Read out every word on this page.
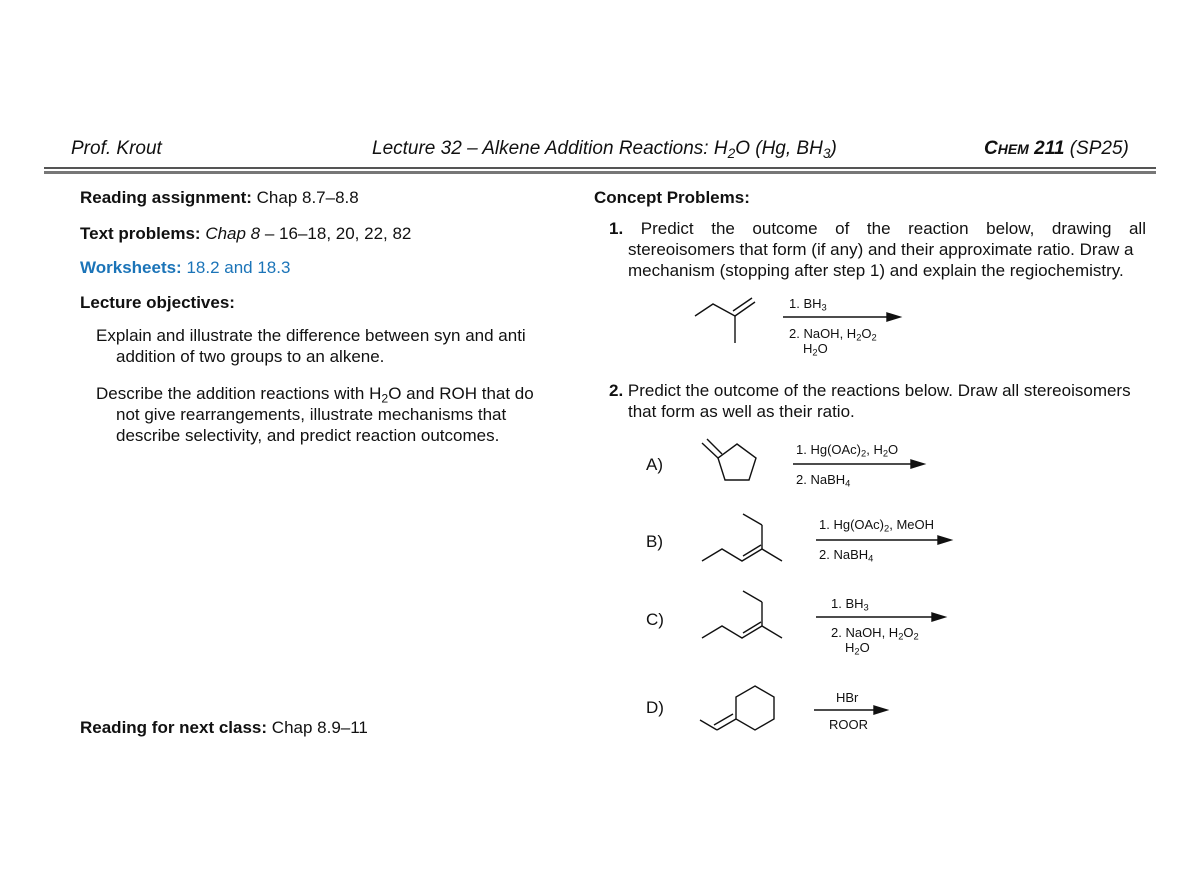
Prof. Krout	Lecture 32 – Alkene Addition Reactions: $H_2O$ (Hg, $BH_3$)	CHEM 211 (SP25)
Reading assignment: Chap 8.7–8.8
Text problems: Chap 8 – 16–18, 20, 22, 82
Worksheets: 18.2 and 18.3
Lecture objectives:
Explain and illustrate the difference between syn and anti
addition of two groups to an alkene.
Describe the addition reactions with $H_2O$ and ROH that do
not give rearrangements, illustrate mechanisms that
describe selectivity, and predict reaction outcomes.
Reading for next class: Chap 8.9–11
Concept Problems:
1. Predict the outcome of the reaction below, drawing all
stereoisomers that form (if any) and their approximate ratio. Draw a
mechanism (stopping after step 1) and explain the regiochemistry.
2. Predict the outcome of the reactions below. Draw all stereoisomers
that form as well as their ratio.
1. $BH_3$
2. NaOH, $H_2O_2$
$H_2O$
A)
1. $Hg(OAc)_2$, $H_2O$
2. NaBH$_4$
B)
1. $Hg(OAc)_2$, MeOH
2. NaBH$_4$
C)
1. $BH_3$
2. NaOH, $H_2O_2$
$H_2O$
D)
HBr
ROOR
